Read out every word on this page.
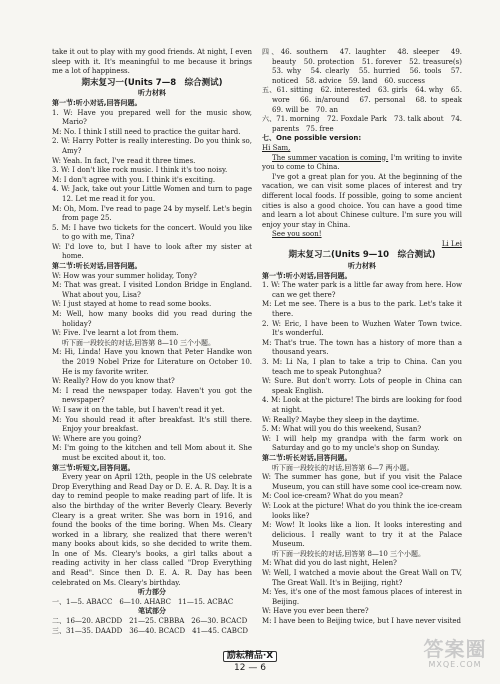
take it out to play with my good friends. At night, I even sleep with it. It's meaningful to me because it brings me a lot of happiness.

期末复习一(Units 7—8　综合测试)
听力材料

第一节:听小对话,回答问题。

1. W: Have you prepared well for the music show, Mario?

M: No. I think I still need to practice the guitar hard.

2. W: Harry Potter is really interesting. Do you think so, Amy?

W: Yeah. In fact, I've read it three times.

3. W: I don't like rock music. I think it's too noisy.

M: I don't agree with you. I think it's exciting.

4. W: Jack, take out your Little Women and turn to page 12. Let me read it for you.

M: Oh, Mom. I've read to page 24 by myself. Let's begin from page 25.

5. M: I have two tickets for the concert. Would you like to go with me, Tina?

W: I'd love to, but I have to look after my sister at home.

第二节:听长对话,回答问题。

W: How was your summer holiday, Tony?

M: That was great. I visited London Bridge in England. What about you, Lisa?

W: I just stayed at home to read some books.

M: Well, how many books did you read during the holiday?

W: Five. I've learnt a lot from them.

听下面一段较长的对话,回答第 8—10 三个小题。

M: Hi, Linda! Have you known that Peter Handke won the 2019 Nobel Prize for Literature on October 10. He is my favorite writer.

W: Really? How do you know that?

M: I read the newspaper today. Haven't you got the newspaper?

W: I saw it on the table, but I haven't read it yet.

M: You should read it after breakfast. It's still there. Enjoy your breakfast.

W: Where are you going?

M: I'm going to the kitchen and tell Mom about it. She must be excited about it, too.

第三节:听短文,回答问题。

Every year on April 12th, people in the US celebrate Drop Everything and Read Day or D. E. A. R. Day. It is a day to remind people to make reading part of life. It is also the birthday of the writer Beverly Cleary. Beverly Cleary is a great writer. She was born in 1916, and found the books of the time boring. When Ms. Cleary worked in a library, she realized that there weren't many books about kids, so she decided to write them. In one of Ms. Cleary's books, a girl talks about a reading activity in her class called "Drop Everything and Read". Since then D. E. A. R. Day has been celebrated on Ms. Cleary's birthday.

听力部分

一、1—5. ABACC　6—10. AHABC　11—15. ACBAC

笔试部分

二、16—20. ABCDD　21—25. CBBBA　26—30. BCACD

三、31—35. DAADD　36—40. BCACD　41—45. CABCD

四、46. southern　47. laughter　48. sleeper　49. beauty　50. protection　51. forever　52. treasure(s)　53. why　54. clearly　55. hurried　56. tools　57. noticed　58. advice　59. land　60. success

五、61. sitting　62. interested　63. girls　64. why　65. wore　66. in/around　67. personal　68. to speak　69. will be　70. an

六、71. morning　72. Foxdale Park　73. talk about　74. parents　75. free

七、One possible version:

Hi Sam,

The summer vacation is coming. I'm writing to invite you to come to China.

I've got a great plan for you. At the beginning of the vacation, we can visit some places of interest and try different local foods. If possible, going to some ancient cities is also a good choice. You can have a good time and learn a lot about Chinese culture. I'm sure you will enjoy your stay in China.

See you soon!

Li Lei

期末复习二(Units 9—10　综合测试)
听力材料

第一节:听小对话,回答问题。

1. W: The water park is a little far away from here. How can we get there?

M: Let me see. There is a bus to the park. Let's take it there.

2. W: Eric, I have been to Wuzhen Water Town twice. It's wonderful.

M: That's true. The town has a history of more than a thousand years.

3. M: Li Na, I plan to take a trip to China. Can you teach me to speak Putonghua?

W: Sure. But don't worry. Lots of people in China can speak English.

4. M: Look at the picture! The birds are looking for food at night.

W: Really? Maybe they sleep in the daytime.

5. M: What will you do this weekend, Susan?

W: I will help my grandpa with the farm work on Saturday and go to my uncle's shop on Sunday.

第二节:听长对话,回答问题。

听下面一段较长的对话,回答第 6—7 两小题。

W: The summer has gone, but if you visit the Palace Museum, you can still have some cool ice-cream now.

M: Cool ice-cream? What do you mean?

W: Look at the picture! What do you think the ice-cream looks like?

M: Wow! It looks like a lion. It looks interesting and delicious. I really want to try it at the Palace Museum.

听下面一段较长的对话,回答第 8—10 三个小题。

M: What did you do last night, Helen?

W: Well, I watched a movie about the Great Wall on TV, The Great Wall. It's in Beijing, right?

M: Yes, it's one of the most famous places of interest in Beijing.

W: Have you ever been there?

M: I have been to Beijing twice, but I have never visited

励耘精品·X
12 — 6
答案圈
MXQE.COM
